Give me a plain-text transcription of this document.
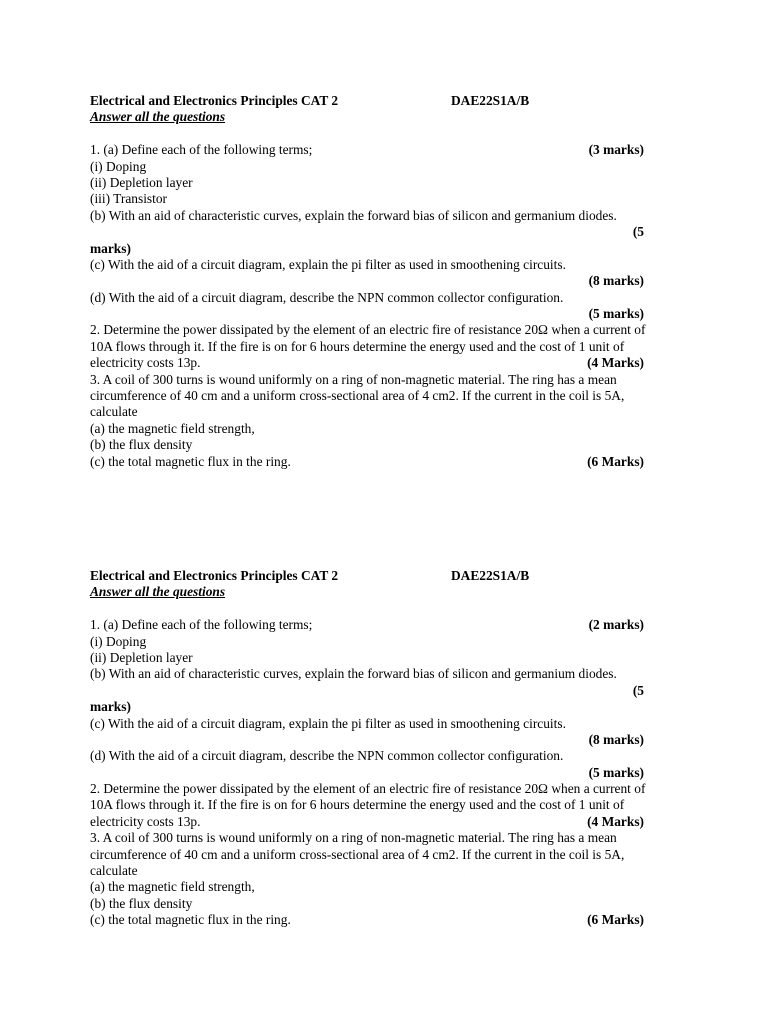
Electrical and Electronics Principles CAT 2	DAE22S1A/B
Answer all the questions
1. (a) Define each of the following terms;	(3 marks)
(i) Doping
(ii) Depletion layer
(iii) Transistor
(b) With an aid of characteristic curves, explain the forward bias of silicon and germanium diodes.
(5
marks)
(c) With the aid of a circuit diagram, explain the pi filter as used in smoothening circuits.
(8 marks)
(d) With the aid of a circuit diagram, describe the NPN common collector configuration.
(5 marks)
2. Determine the power dissipated by the element of an electric fire of resistance 20Ω when a current of
10A flows through it. If the fire is on for 6 hours determine the energy used and the cost of 1 unit of
electricity costs 13p.	(4 Marks)
3. A coil of 300 turns is wound uniformly on a ring of non-magnetic material. The ring has a mean
circumference of 40 cm and a uniform cross-sectional area of 4 cm2. If the current in the coil is 5A,
calculate
(a) the magnetic field strength,
(b) the flux density
(c) the total magnetic flux in the ring.	(6 Marks)
Electrical and Electronics Principles CAT 2	DAE22S1A/B
Answer all the questions
1. (a) Define each of the following terms;	(2 marks)
(i) Doping
(ii) Depletion layer
(b) With an aid of characteristic curves, explain the forward bias of silicon and germanium diodes.
(5
marks)
(c) With the aid of a circuit diagram, explain the pi filter as used in smoothening circuits.
(8 marks)
(d) With the aid of a circuit diagram, describe the NPN common collector configuration.
(5 marks)
2. Determine the power dissipated by the element of an electric fire of resistance 20Ω when a current of
10A flows through it. If the fire is on for 6 hours determine the energy used and the cost of 1 unit of
electricity costs 13p.	(4 Marks)
3. A coil of 300 turns is wound uniformly on a ring of non-magnetic material. The ring has a mean
circumference of 40 cm and a uniform cross-sectional area of 4 cm2. If the current in the coil is 5A,
calculate
(a) the magnetic field strength,
(b) the flux density
(c) the total magnetic flux in the ring.	(6 Marks)
